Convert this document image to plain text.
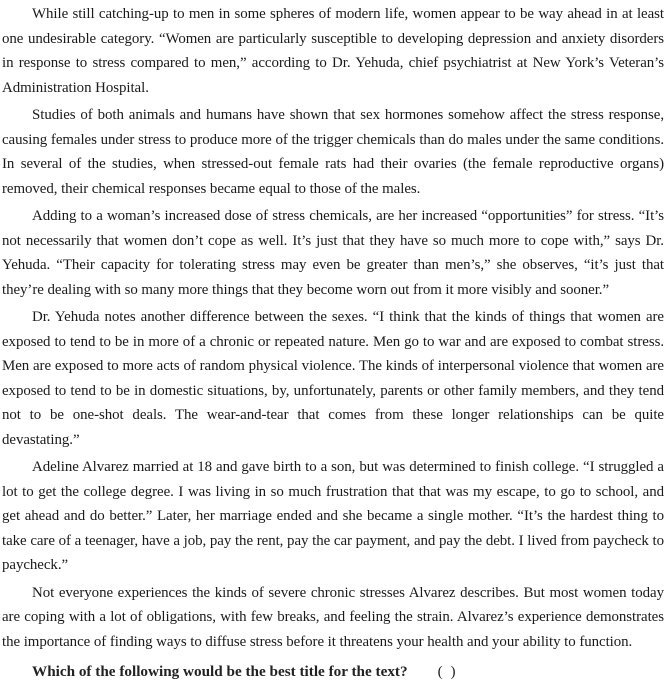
While still catching-up to men in some spheres of modern life, women appear to be way ahead in at least one undesirable category. “Women are particularly susceptible to developing depression and anxiety disorders in response to stress compared to men,” according to Dr. Yehuda, chief psychiatrist at New York’s Veteran’s Administration Hospital.

Studies of both animals and humans have shown that sex hormones somehow affect the stress response, causing females under stress to produce more of the trigger chemicals than do males under the same conditions. In several of the studies, when stressed-out female rats had their ovaries (the female reproductive organs) removed, their chemical responses became equal to those of the males.

Adding to a woman’s increased dose of stress chemicals, are her increased “opportunities” for stress. “It’s not necessarily that women don’t cope as well. It’s just that they have so much more to cope with,” says Dr. Yehuda. “Their capacity for tolerating stress may even be greater than men’s,” she observes, “it’s just that they’re dealing with so many more things that they become worn out from it more visibly and sooner.”

Dr. Yehuda notes another difference between the sexes. “I think that the kinds of things that women are exposed to tend to be in more of a chronic or repeated nature. Men go to war and are exposed to combat stress. Men are exposed to more acts of random physical violence. The kinds of interpersonal violence that women are exposed to tend to be in domestic situations, by, unfortunately, parents or other family members, and they tend not to be one-shot deals. The wear-and-tear that comes from these longer relationships can be quite devastating.”

Adeline Alvarez married at 18 and gave birth to a son, but was determined to finish college. “I struggled a lot to get the college degree. I was living in so much frustration that that was my escape, to go to school, and get ahead and do better.” Later, her marriage ended and she became a single mother. “It’s the hardest thing to take care of a teenager, have a job, pay the rent, pay the car payment, and pay the debt. I lived from paycheck to paycheck.”

Not everyone experiences the kinds of severe chronic stresses Alvarez describes. But most women today are coping with a lot of obligations, with few breaks, and feeling the strain. Alvarez’s experience demonstrates the importance of finding ways to diffuse stress before it threatens your health and your ability to function.

Which of the following would be the best title for the text? ( )
